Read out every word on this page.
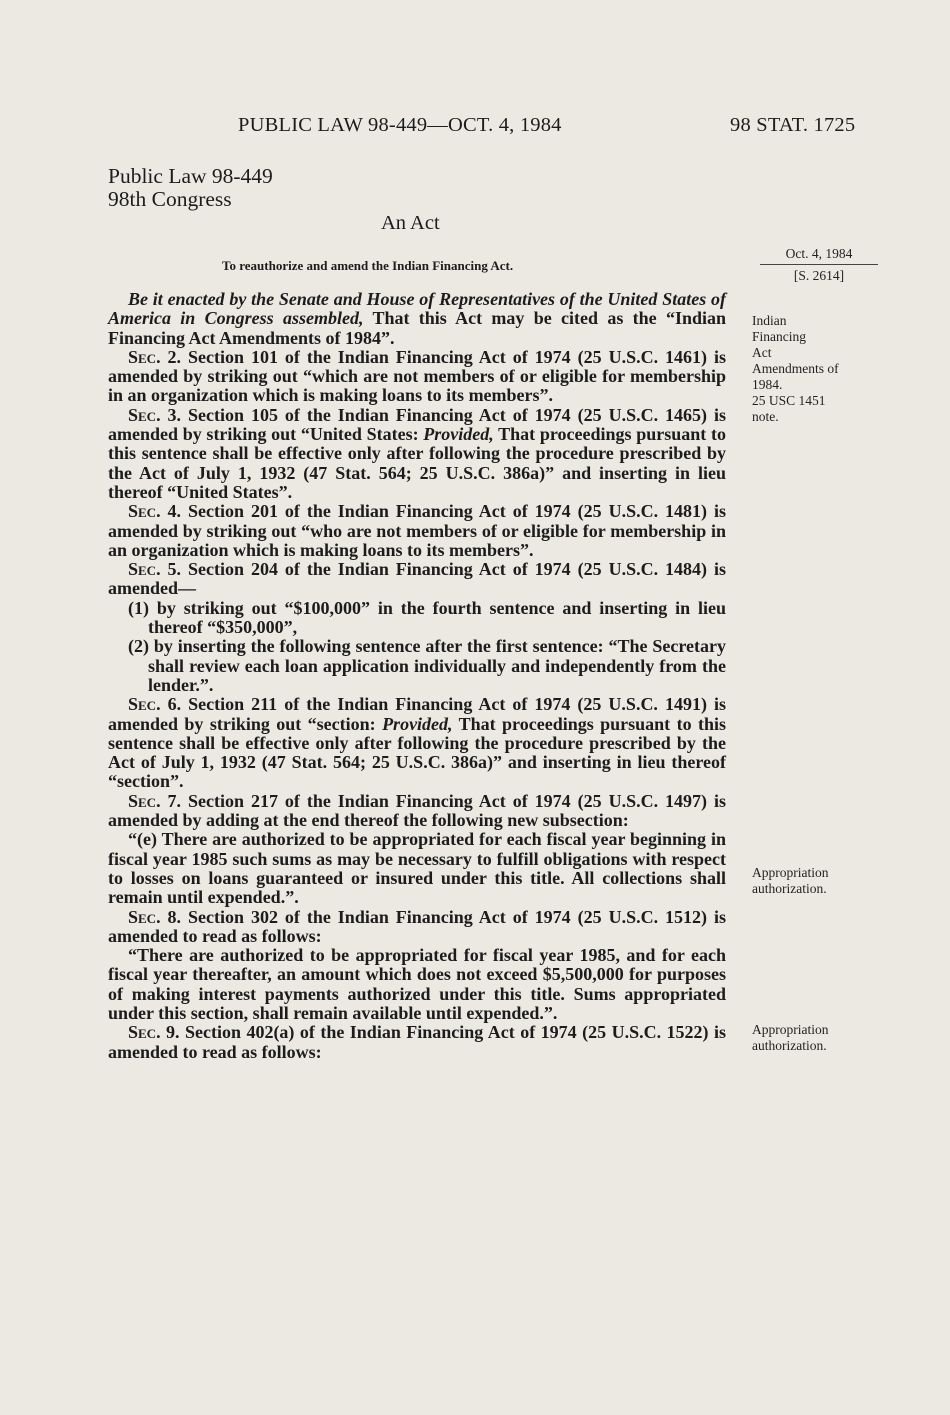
PUBLIC LAW 98-449—OCT. 4, 1984	98 STAT. 1725
Public Law 98-449
98th Congress
An Act
To reauthorize and amend the Indian Financing Act.
Oct. 4, 1984
[S. 2614]
Indian
Financing
Act
Amendments of
1984.
25 USC 1451
note.
Appropriation
authorization.
Appropriation
authorization.

Be it enacted by the Senate and House of Representatives of the United States of America in Congress assembled, That this Act may be cited as the “Indian Financing Act Amendments of 1984”.

Sec. 2. Section 101 of the Indian Financing Act of 1974 (25 U.S.C. 1461) is amended by striking out “which are not members of or eligible for membership in an organization which is making loans to its members”.

Sec. 3. Section 105 of the Indian Financing Act of 1974 (25 U.S.C. 1465) is amended by striking out “United States: Provided, That proceedings pursuant to this sentence shall be effective only after following the procedure prescribed by the Act of July 1, 1932 (47 Stat. 564; 25 U.S.C. 386a)” and inserting in lieu thereof “United States”.

Sec. 4. Section 201 of the Indian Financing Act of 1974 (25 U.S.C. 1481) is amended by striking out “who are not members of or eligible for membership in an organization which is making loans to its members”.

Sec. 5. Section 204 of the Indian Financing Act of 1974 (25 U.S.C. 1484) is amended—

(1) by striking out “$100,000” in the fourth sentence and inserting in lieu thereof “$350,000”,

(2) by inserting the following sentence after the first sentence: “The Secretary shall review each loan application individually and independently from the lender.”.

Sec. 6. Section 211 of the Indian Financing Act of 1974 (25 U.S.C. 1491) is amended by striking out “section: Provided, That proceedings pursuant to this sentence shall be effective only after following the procedure prescribed by the Act of July 1, 1932 (47 Stat. 564; 25 U.S.C. 386a)” and inserting in lieu thereof “section”.

Sec. 7. Section 217 of the Indian Financing Act of 1974 (25 U.S.C. 1497) is amended by adding at the end thereof the following new subsection:

“(e) There are authorized to be appropriated for each fiscal year beginning in fiscal year 1985 such sums as may be necessary to fulfill obligations with respect to losses on loans guaranteed or insured under this title. All collections shall remain until expended.”.

Sec. 8. Section 302 of the Indian Financing Act of 1974 (25 U.S.C. 1512) is amended to read as follows:

“There are authorized to be appropriated for fiscal year 1985, and for each fiscal year thereafter, an amount which does not exceed $5,500,000 for purposes of making interest payments authorized under this title. Sums appropriated under this section, shall remain available until expended.”.

Sec. 9. Section 402(a) of the Indian Financing Act of 1974 (25 U.S.C. 1522) is amended to read as follows:
